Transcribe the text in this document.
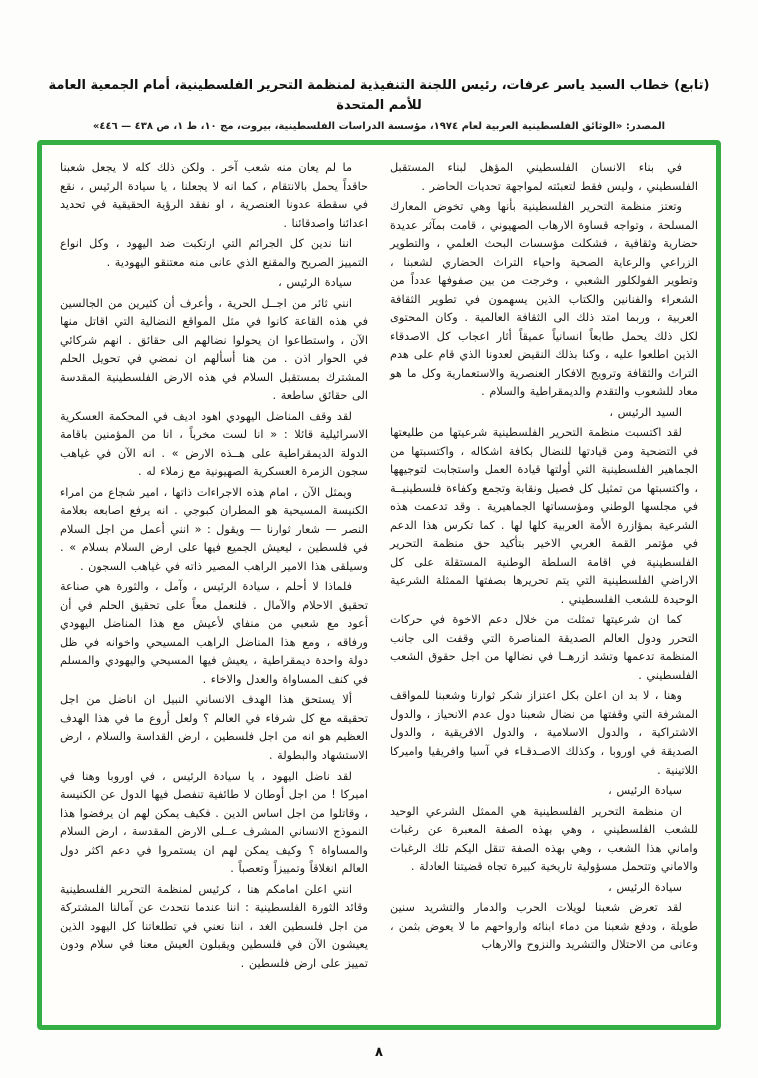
(تابع) خطاب السيد ياسر عرفات، رئيس اللجنة التنفيذية لمنظمة التحرير الفلسطينية، أمام الجمعية العامة للأمم المتحدة
المصدر: «الوثائق الفلسطينية العربية لعام ١٩٧٤، مؤسسة الدراسات الفلسطينية، بيروت، مج ١٠، ط ١، ص ٤٣٨ — ٤٤٦»

في بناء الانسان الفلسطيني المؤهل لبناء المستقبل الفلسطيني ، وليس فقط لتعبئته لمواجهة تحديات الحاضر .

وتعتز منظمة التحرير الفلسطينية بأنها وهي تخوض المعارك المسلحة ، وتواجه قساوة الارهاب الصهيوني ، قامت بمآثر عديدة حضارية وثقافية ، فشكلت مؤسسات البحث العلمي ، والتطوير الزراعي والرعاية الصحية واحياء التراث الحضاري لشعبنا ، وتطوير الفولكلور الشعبي ، وخرجت من بين صفوفها عدداً من الشعراء والفنانين والكتاب الذين يسهمون في تطوير الثقافة العربية ، وربما امتد ذلك الى الثقافة العالمية . وكان المحتوى لكل ذلك يحمل طابعاً انسانياً عميقاً أثار اعجاب كل الاصدقاء الذين اطلعوا عليه ، وكنا بذلك النقيض لعدونا الذي قام على هدم التراث والثقافة وترويج الافكار العنصرية والاستعمارية وكل ما هو معاد للشعوب والتقدم والديمقراطية والسلام .

السيد الرئيس ،

لقد اكتسبت منظمة التحرير الفلسطينية شرعيتها من طليعتها في التضحية ومن قيادتها للنضال بكافة اشكاله ، واكتسبتها من الجماهير الفلسطينية التي أولتها قيادة العمل واستجابت لتوجيهها ، واكتسبتها من تمثيل كل فصيل ونقابة وتجمع وكفاءة فلسطينيــة في مجلسها الوطني ومؤسساتها الجماهيرية . وقد تدعمت هذه الشرعية بمؤازرة الأمة العربية كلها لها . كما تكرس هذا الدعم في مؤتمر القمة العربي الاخير بتأكيد حق منظمة التحرير الفلسطينية في اقامة السلطة الوطنية المستقلة على كل الاراضي الفلسطينية التي يتم تحريرها بصفتها الممثلة الشرعية الوحيدة للشعب الفلسطيني .

كما ان شرعيتها تمثلت من خلال دعم الاخوة في حركات التحرر ودول العالم الصديقة المناصرة التي وقفت الى جانب المنظمة تدعمها وتشد ازرهــا في نضالها من اجل حقوق الشعب الفلسطيني .

وهنا ، لا بد ان اعلن بكل اعتزاز شكر ثوارنا وشعبنا للمواقف المشرفة التي وقفتها من نضال شعبنا دول عدم الانحياز ، والدول الاشتراكية ، والدول الاسلامية ، والدول الافريقية ، والدول الصديقة في اوروبا ، وكذلك الاصـدقـاء في آسيا وافريقيا واميركا اللاتينية .

سيادة الرئيس ،

ان منظمة التحرير الفلسطينية هي الممثل الشرعي الوحيد للشعب الفلسطيني ، وهي بهذه الصفة المعبرة عن رغبات واماني هذا الشعب ، وهي بهذه الصفة تنقل اليكم تلك الرغبات والاماني وتتحمل مسؤولية تاريخية كبيرة تجاه قضيتنا العادلة .

سيادة الرئيس ،

لقد تعرض شعبنا لويلات الحرب والدمار والتشريد سنين طويلة ، ودفع شعبنا من دماء ابنائه وارواحهم ما لا يعوض بثمن ، وعانى من الاحتلال والتشريد والنزوح والارهاب

ما لم يعان منه شعب آخر . ولكن ذلك كله لا يجعل شعبنا حاقداً يحمل بالانتقام ، كما انه لا يجعلنا ، يا سيادة الرئيس ، نقع في سقطة عدونا العنصرية ، او نفقد الرؤية الحقيقية في تحديد اعدائنا واصدقائنا .

اننا ندين كل الجرائم التي ارتكبت ضد اليهود ، وكل انواع التمييز الصريح والمقنع الذي عانى منه معتنقو اليهودية .

سيادة الرئيس ،

انني ثائر من اجــل الحرية ، وأعرف أن كثيرين من الجالسين في هذه القاعة كانوا في مثل المواقع النضالية التي اقاتل منها الآن ، واستطاعوا ان يحولوا نضالهم الى حقائق . انهم شركائي في الحوار اذن . من هنا أسألهم ان نمضي في تحويل الحلم المشترك بمستقبل السلام في هذه الارض الفلسطينية المقدسة الى حقائق ساطعة .

لقد وقف المناضل اليهودي اهود اديف في المحكمة العسكرية الاسرائيلية قائلا : « انا لست مخرباً ، انا من المؤمنين باقامة الدولة الديمقراطية على هــذه الارض » . انه الآن في غياهب سجون الزمرة العسكرية الصهيونية مع زملاء له .

ويمثل الآن ، امام هذه الاجراءات ذاتها ، امير شجاع من امراء الكنيسة المسيحية هو المطران كبوجي . انه يرفع اصابعه بعلامة النصر — شعار ثوارنا — ويقول : « انني أعمل من اجل السلام في فلسطين ، ليعيش الجميع فيها على ارض السلام بسلام » . وسيلقى هذا الامير الراهب المصير ذاته في غياهب السجون .

فلماذا لا أحلم ، سيادة الرئيس ، وآمل ، والثورة هي صناعة تحقيق الاحلام والآمال . فلنعمل معاً على تحقيق الحلم في أن أعود مع شعبي من منفاي لأعيش مع هذا المناضل اليهودي ورفاقه ، ومع هذا المناضل الراهب المسيحي واخوانه في ظل دولة واحدة ديمقراطية ، يعيش فيها المسيحي واليهودي والمسلم في كنف المساواة والعدل والاخاء .

ألا يستحق هذا الهدف الانساني النبيل ان اناضل من اجل تحقيقه مع كل شرفاء في العالم ؟ ولعل أروع ما في هذا الهدف العظيم هو انه من اجل فلسطين ، ارض القداسة والسلام ، ارض الاستشهاد والبطولة .

لقد ناضل اليهود ، يا سيادة الرئيس ، في اوروبا وهنا في اميركا ! من اجل أوطان لا طائفية تنفصل فيها الدول عن الكنيسة ، وقاتلوا من اجل اساس الدين . فكيف يمكن لهم ان يرفضوا هذا النموذج الانساني المشرف عــلى الارض المقدسة ، ارض السلام والمساواة ؟ وكيف يمكن لهم ان يستمروا في دعم اكثر دول العالم انغلاقاً وتمييزاً وتعصباً .

انني اعلن امامكم هنا ، كرئيس لمنظمة التحرير الفلسطينية وقائد الثورة الفلسطينية : اننا عندما نتحدث عن آمالنا المشتركة من اجل فلسطين الغد ، اننا نعني في تطلعاتنا كل اليهود الذين يعيشون الآن في فلسطين ويقبلون العيش معنا في سلام ودون تمييز على ارض فلسطين .

٨
